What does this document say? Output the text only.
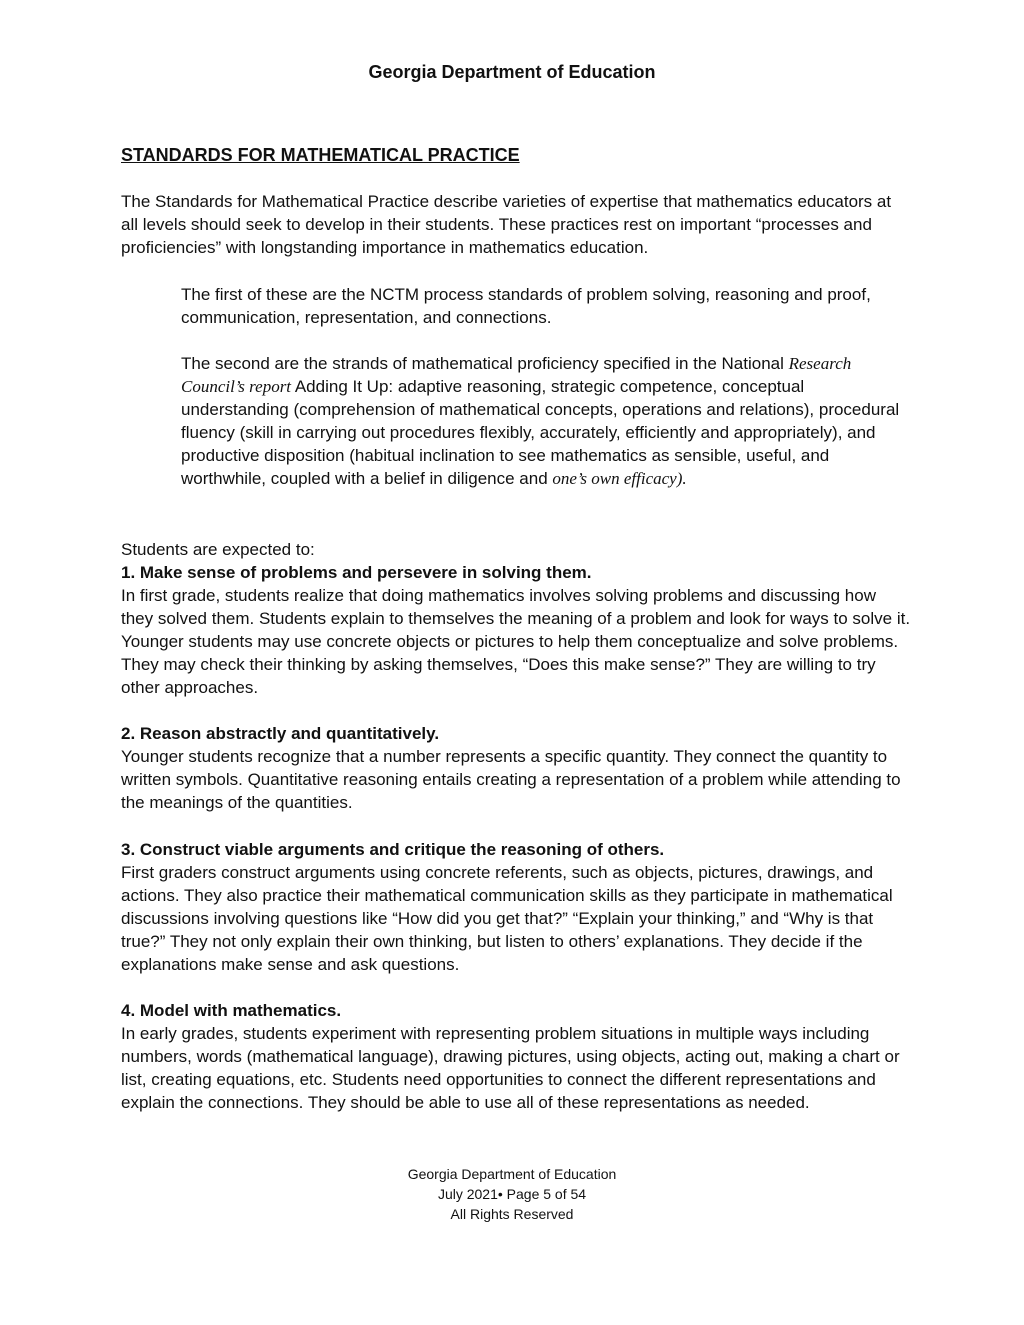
Georgia Department of Education
STANDARDS FOR MATHEMATICAL PRACTICE

The Standards for Mathematical Practice describe varieties of expertise that mathematics educators at all levels should seek to develop in their students. These practices rest on important “processes and proficiencies” with longstanding importance in mathematics education.

The first of these are the NCTM process standards of problem solving, reasoning and proof, communication, representation, and connections.

The second are the strands of mathematical proficiency specified in the National Research Council’s report Adding It Up: adaptive reasoning, strategic competence, conceptual understanding (comprehension of mathematical concepts, operations and relations), procedural fluency (skill in carrying out procedures flexibly, accurately, efficiently and appropriately), and productive disposition (habitual inclination to see mathematics as sensible, useful, and worthwhile, coupled with a belief in diligence and one’s own efficacy).

Students are expected to:

1. Make sense of problems and persevere in solving them.

In first grade, students realize that doing mathematics involves solving problems and discussing how they solved them. Students explain to themselves the meaning of a problem and look for ways to solve it. Younger students may use concrete objects or pictures to help them conceptualize and solve problems. They may check their thinking by asking themselves, “Does this make sense?” They are willing to try other approaches.

2. Reason abstractly and quantitatively.

Younger students recognize that a number represents a specific quantity. They connect the quantity to written symbols. Quantitative reasoning entails creating a representation of a problem while attending to the meanings of the quantities.

3. Construct viable arguments and critique the reasoning of others.

First graders construct arguments using concrete referents, such as objects, pictures, drawings, and actions. They also practice their mathematical communication skills as they participate in mathematical discussions involving questions like “How did you get that?” “Explain your thinking,” and “Why is that true?” They not only explain their own thinking, but listen to others’ explanations. They decide if the explanations make sense and ask questions.

4. Model with mathematics.

In early grades, students experiment with representing problem situations in multiple ways including numbers, words (mathematical language), drawing pictures, using objects, acting out, making a chart or list, creating equations, etc. Students need opportunities to connect the different representations and explain the connections. They should be able to use all of these representations as needed.

Georgia Department of Education
July 2021• Page 5 of 54
All Rights Reserved
